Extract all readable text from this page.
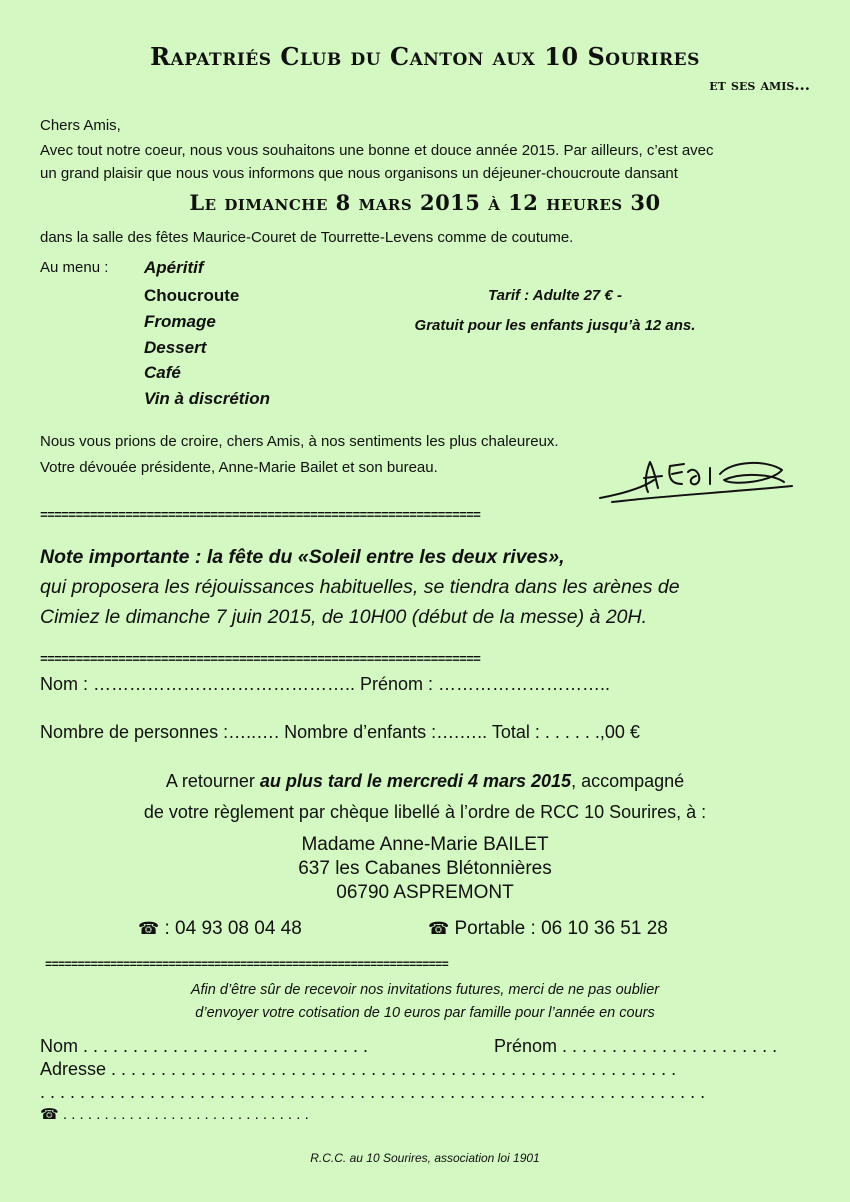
Rapatriés Club du Canton aux 10 Sourires
et ses amis...
Chers Amis,
Avec tout notre coeur, nous vous souhaitons une bonne et douce année 2015. Par ailleurs, c’est avec
un grand plaisir que nous vous informons que nous organisons un déjeuner-choucroute dansant
Le dimanche 8 mars 2015 à 12 heures 30
dans la salle des fêtes Maurice-Couret de Tourrette-Levens comme de coutume.
Au menu : Apéritif
Choucroute
Fromage
Dessert
Café
Vin à discrétion
Tarif : Adulte 27 € -
Gratuit pour les enfants jusqu’à 12 ans.
Nous vous prions de croire, chers Amis, à nos sentiments les plus chaleureux.
Votre dévouée présidente, Anne-Marie Bailet et son bureau.
==============================================================
Note importante : la fête du «Soleil entre les deux rives»,
qui proposera les réjouissances habituelles, se tiendra dans les arènes de
Cimiez le dimanche 7 juin 2015, de 10H00 (début de la messe) à 20H.
==============================================================
Nom : …………………………………….. Prénom : ………………………..
Nombre de personnes :…..…. Nombre d’enfants :….….. Total : . . . . . .,00 €
A retourner au plus tard le mercredi 4 mars 2015, accompagné
de votre règlement par chèque libellé à l’ordre de RCC 10 Sourires, à :
Madame Anne-Marie BAILET
637 les Cabanes Blétonnières
06790 ASPREMONT
☎ : 04 93 08 04 48	☎ Portable : 06 10 36 51 28
==============================================================
Afin d’être sûr de recevoir nos invitations futures, merci de ne pas oublier
d’envoyer votre cotisation de 10 euros par famille pour l’année en cours
Nom . . . . . . . . . . . . . . . . . . . . . . . . . . . . .	Prénom . . . . . . . . . . . . . . . . . . . . . .
Adresse . . . . . . . . . . . . . . . . . . . . . . . . . . . . . . . . . . . . . . . . . . . . . . . . . . . . . . . . .
. . . . . . . . . . . . . . . . . . . . . . . . . . . . . . . . . . . . . . . . . . . . . . . . . . . . . . . . . . . . . . . . . . .
☎ . . . . . . . . . . . . . . . . . . . . . . . . . . . . . .
R.C.C. au 10 Sourires, association loi 1901
